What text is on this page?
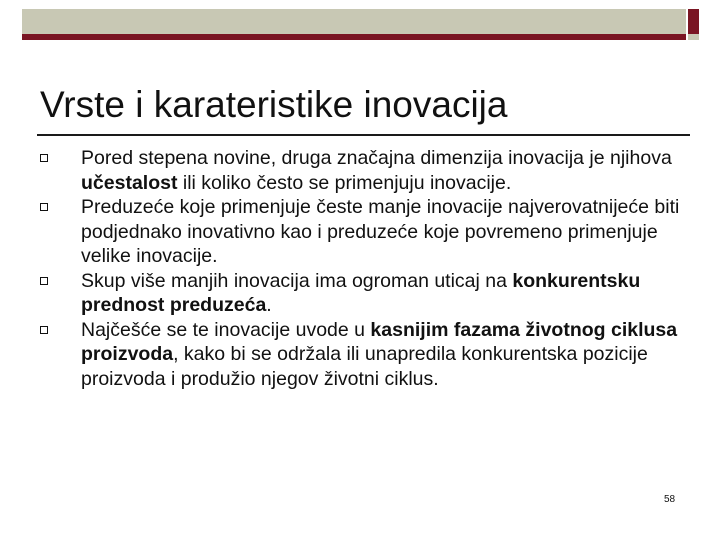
Vrste i karateristike inovacija
Pored stepena novine, druga značajna dimenzija inovacija je njihova učestalost ili koliko često se primenjuju inovacije.
Preduzeće koje primenjuje česte manje inovacije najverovatnijeće biti podjednako inovativno kao i preduzeće koje povremeno primenjuje velike inovacije.
Skup više manjih inovacija ima ogroman uticaj na konkurentsku prednost preduzeća.
Najčešće se te inovacije uvode u kasnijim fazama životnog ciklusa proizvoda, kako bi se održala ili unapredila konkurentska pozicije proizvoda i produžio njegov životni ciklus.
58
